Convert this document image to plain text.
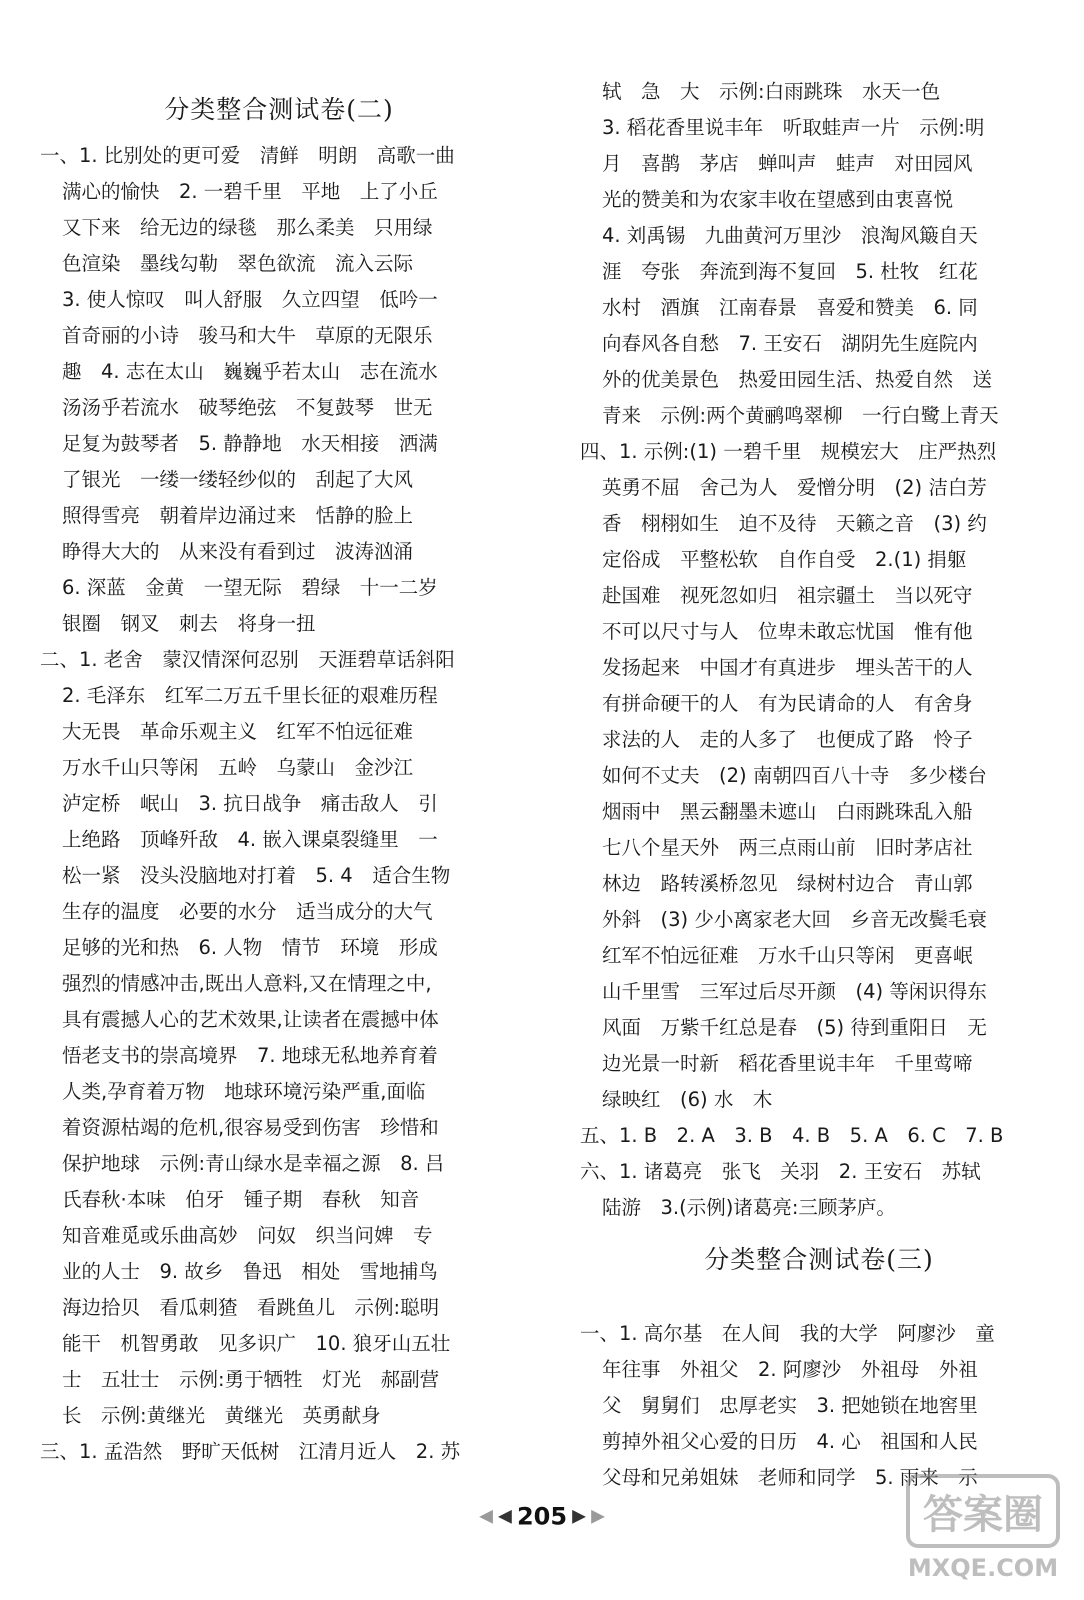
分类整合测试卷(二)
一、1. 比别处的更可爱　清鲜　明朗　高歌一曲
满心的愉快　2. 一碧千里　平地　上了小丘
又下来　给无边的绿毯　那么柔美　只用绿
色渲染　墨线勾勒　翠色欲流　流入云际
3. 使人惊叹　叫人舒服　久立四望　低吟一
首奇丽的小诗　骏马和大牛　草原的无限乐
趣　4. 志在太山　巍巍乎若太山　志在流水
汤汤乎若流水　破琴绝弦　不复鼓琴　世无
足复为鼓琴者　5. 静静地　水天相接　洒满
了银光　一缕一缕轻纱似的　刮起了大风
照得雪亮　朝着岸边涌过来　恬静的脸上
睁得大大的　从来没有看到过　波涛汹涌
6. 深蓝　金黄　一望无际　碧绿　十一二岁
银圈　钢叉　刺去　将身一扭
二、1. 老舍　蒙汉情深何忍别　天涯碧草话斜阳
2. 毛泽东　红军二万五千里长征的艰难历程
大无畏　革命乐观主义　红军不怕远征难
万水千山只等闲　五岭　乌蒙山　金沙江
泸定桥　岷山　3. 抗日战争　痛击敌人　引
上绝路　顶峰歼敌　4. 嵌入课桌裂缝里　一
松一紧　没头没脑地对打着　5. 4　适合生物
生存的温度　必要的水分　适当成分的大气
足够的光和热　6. 人物　情节　环境　形成
强烈的情感冲击,既出人意料,又在情理之中,
具有震撼人心的艺术效果,让读者在震撼中体
悟老支书的崇高境界　7. 地球无私地养育着
人类,孕育着万物　地球环境污染严重,面临
着资源枯竭的危机,很容易受到伤害　珍惜和
保护地球　示例:青山绿水是幸福之源　8. 吕
氏春秋·本味　伯牙　锺子期　春秋　知音
知音难觅或乐曲高妙　问奴　织当问婢　专
业的人士　9. 故乡　鲁迅　相处　雪地捕鸟
海边拾贝　看瓜刺猹　看跳鱼儿　示例:聪明
能干　机智勇敢　见多识广　10. 狼牙山五壮
士　五壮士　示例:勇于牺牲　灯光　郝副营
长　示例:黄继光　黄继光　英勇献身
三、1. 孟浩然　野旷天低树　江清月近人　2. 苏
轼　急　大　示例:白雨跳珠　水天一色
3. 稻花香里说丰年　听取蛙声一片　示例:明
月　喜鹊　茅店　蝉叫声　蛙声　对田园风
光的赞美和为农家丰收在望感到由衷喜悦
4. 刘禹锡　九曲黄河万里沙　浪淘风簸自天
涯　夸张　奔流到海不复回　5. 杜牧　红花
水村　酒旗　江南春景　喜爱和赞美　6. 同
向春风各自愁　7. 王安石　湖阴先生庭院内
外的优美景色　热爱田园生活、热爱自然　送
青来　示例:两个黄鹂鸣翠柳　一行白鹭上青天
四、1. 示例:(1) 一碧千里　规模宏大　庄严热烈
英勇不屈　舍己为人　爱憎分明　(2) 洁白芳
香　栩栩如生　迫不及待　天籁之音　(3) 约
定俗成　平整松软　自作自受　2.(1) 捐躯
赴国难　视死忽如归　祖宗疆土　当以死守
不可以尺寸与人　位卑未敢忘忧国　惟有他
发扬起来　中国才有真进步　埋头苦干的人
有拼命硬干的人　有为民请命的人　有舍身
求法的人　走的人多了　也便成了路　怜子
如何不丈夫　(2) 南朝四百八十寺　多少楼台
烟雨中　黑云翻墨未遮山　白雨跳珠乱入船
七八个星天外　两三点雨山前　旧时茅店社
林边　路转溪桥忽见　绿树村边合　青山郭
外斜　(3) 少小离家老大回　乡音无改鬓毛衰
红军不怕远征难　万水千山只等闲　更喜岷
山千里雪　三军过后尽开颜　(4) 等闲识得东
风面　万紫千红总是春　(5) 待到重阳日　无
边光景一时新　稻花香里说丰年　千里莺啼
绿映红　(6) 水　木
五、1. B　2. A　3. B　4. B　5. A　6. C　7. B
六、1. 诸葛亮　张飞　关羽　2. 王安石　苏轼
陆游　3.(示例)诸葛亮:三顾茅庐。
分类整合测试卷(三)
一、1. 高尔基　在人间　我的大学　阿廖沙　童
年往事　外祖父　2. 阿廖沙　外祖母　外祖
父　舅舅们　忠厚老实　3. 把她锁在地窖里
剪掉外祖父心爱的日历　4. 心　祖国和人民
父母和兄弟姐妹　老师和同学　5. 雨来　示
◀ ◀ 205 ▶ ▶	答案圈
MXQE.COM
